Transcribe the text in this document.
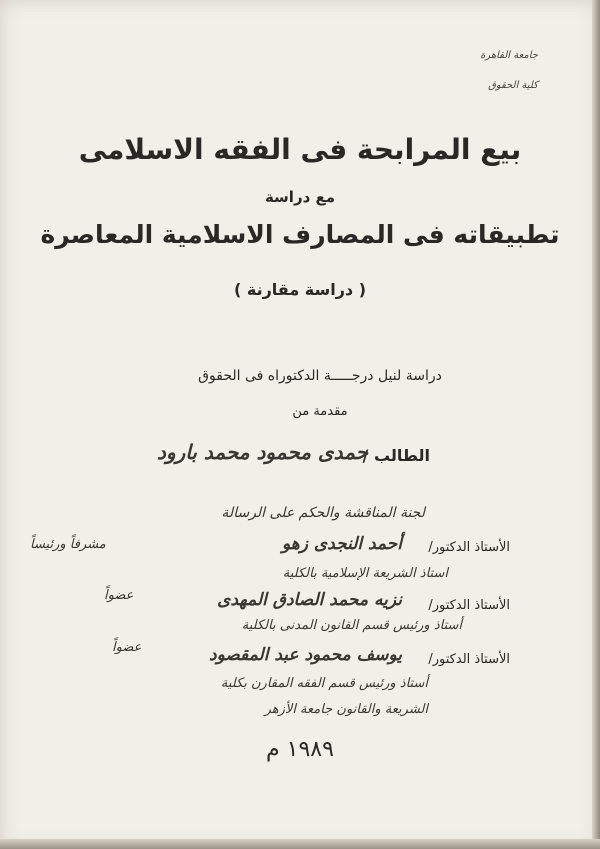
جامعة القاهرة
كلية الحقوق
بيع المرابحة فى الفقه الاسلامى
مع دراسة
تطبيقاته فى المصارف الاسلامية المعاصرة
( دراسة مقارنة )
دراسة لنيل درجـــــة الدكتوراه فى الحقوق
مقدمة من
الطالب /
حمدى محمود محمد بارود
لجنة المناقشة والحكم على الرسالة
الأستاذ الدكتور/
أحمد النجدى زهو
مشرفاً ورئيساً
استاذ الشريعة الإسلامية بالكلية
الأستاذ الدكتور/
نزيه محمد الصادق المهدى
عضواً
أستاذ ورئيس قسم القانون المدنى بالكلية
الأستاذ الدكتور/
يوسف محمود عبد المقصود
عضواً
أستاذ ورئيس قسم الفقه المقارن بكلية
الشريعة والقانون جامعة الأزهر
١٩٨٩ م
